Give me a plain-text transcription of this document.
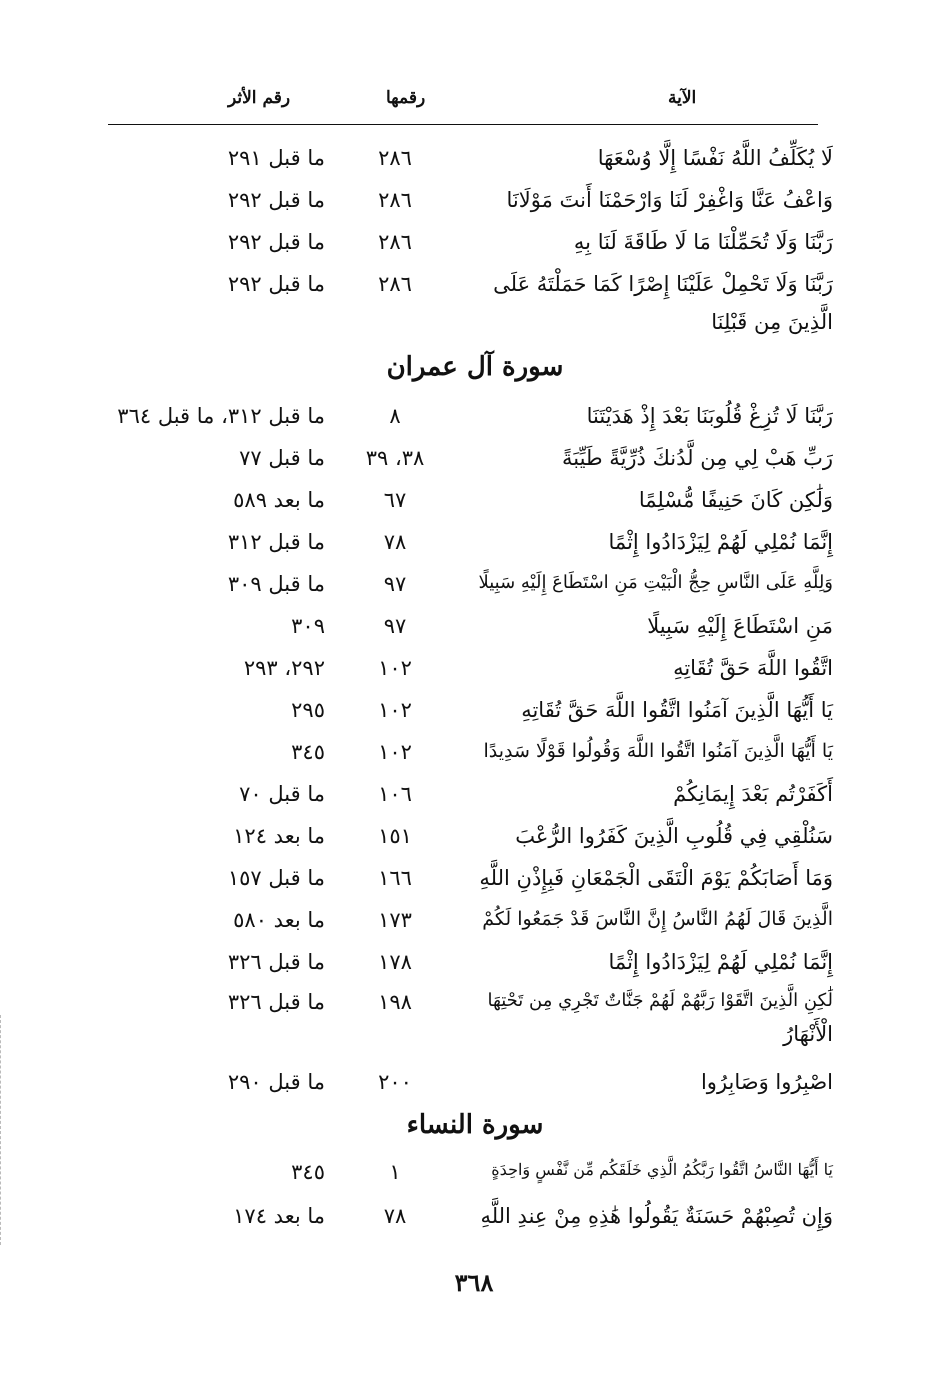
الآية
رقمها
رقم الأثر
لَا يُكَلِّفُ اللَّهُ نَفْسًا إِلَّا وُسْعَهَا
٢٨٦
ما قبل ٢٩١
وَاعْفُ عَنَّا وَاغْفِرْ لَنَا وَارْحَمْنَا أَنتَ مَوْلَانَا
٢٨٦
ما قبل ٢٩٢
رَبَّنَا وَلَا تُحَمِّلْنَا مَا لَا طَاقَةَ لَنَا بِهِ
٢٨٦
ما قبل ٢٩٢
رَبَّنَا وَلَا تَحْمِلْ عَلَيْنَا إِصْرًا كَمَا حَمَلْتَهُ عَلَى
٢٨٦
ما قبل ٢٩٢
الَّذِينَ مِن قَبْلِنَا
سورة آل عمران
رَبَّنَا لَا تُزِغْ قُلُوبَنَا بَعْدَ إِذْ هَدَيْتَنَا
٨
ما قبل ٣١٢، ما قبل ٣٦٤
رَبِّ هَبْ لِي مِن لَّدُنكَ ذُرِّيَّةً طَيِّبَةً
٣٨، ٣٩
ما قبل ٧٧
وَلَٰكِن كَانَ حَنِيفًا مُّسْلِمًا
٦٧
ما بعد ٥٨٩
إِنَّمَا نُمْلِي لَهُمْ لِيَزْدَادُوا إِثْمًا
٧٨
ما قبل ٣١٢
وَلِلَّهِ عَلَى النَّاسِ حِجُّ الْبَيْتِ مَنِ اسْتَطَاعَ إِلَيْهِ سَبِيلًا
٩٧
ما قبل ٣٠٩
مَنِ اسْتَطَاعَ إِلَيْهِ سَبِيلًا
٩٧
٣٠٩
اتَّقُوا اللَّهَ حَقَّ تُقَاتِهِ
١٠٢
٢٩٢، ٢٩٣
يَا أَيُّهَا الَّذِينَ آمَنُوا اتَّقُوا اللَّهَ حَقَّ تُقَاتِهِ
١٠٢
٢٩٥
يَا أَيُّهَا الَّذِينَ آمَنُوا اتَّقُوا اللَّهَ وَقُولُوا قَوْلًا سَدِيدًا
١٠٢
٣٤٥
أَكَفَرْتُم بَعْدَ إِيمَانِكُمْ
١٠٦
ما قبل ٧٠
سَنُلْقِي فِي قُلُوبِ الَّذِينَ كَفَرُوا الرُّعْبَ
١٥١
ما بعد ١٢٤
وَمَا أَصَابَكُمْ يَوْمَ الْتَقَى الْجَمْعَانِ فَبِإِذْنِ اللَّهِ
١٦٦
ما قبل ١٥٧
الَّذِينَ قَالَ لَهُمُ النَّاسُ إِنَّ النَّاسَ قَدْ جَمَعُوا لَكُمْ
١٧٣
ما بعد ٥٨٠
إِنَّمَا نُمْلِي لَهُمْ لِيَزْدَادُوا إِثْمًا
١٧٨
ما قبل ٣٢٦
لَٰكِنِ الَّذِينَ اتَّقَوْا رَبَّهُمْ لَهُمْ جَنَّاتٌ تَجْرِي مِن تَحْتِهَا
١٩٨
ما قبل ٣٢٦
الْأَنْهَارُ
اصْبِرُوا وَصَابِرُوا
٢٠٠
ما قبل ٢٩٠
سورة النساء
يَا أَيُّهَا النَّاسُ اتَّقُوا رَبَّكُمُ الَّذِي خَلَقَكُم مِّن نَّفْسٍ وَاحِدَةٍ
١
٣٤٥
وَإِن تُصِبْهُمْ حَسَنَةٌ يَقُولُوا هَٰذِهِ مِنْ عِندِ اللَّهِ
٧٨
ما بعد ١٧٤
٣٦٨
